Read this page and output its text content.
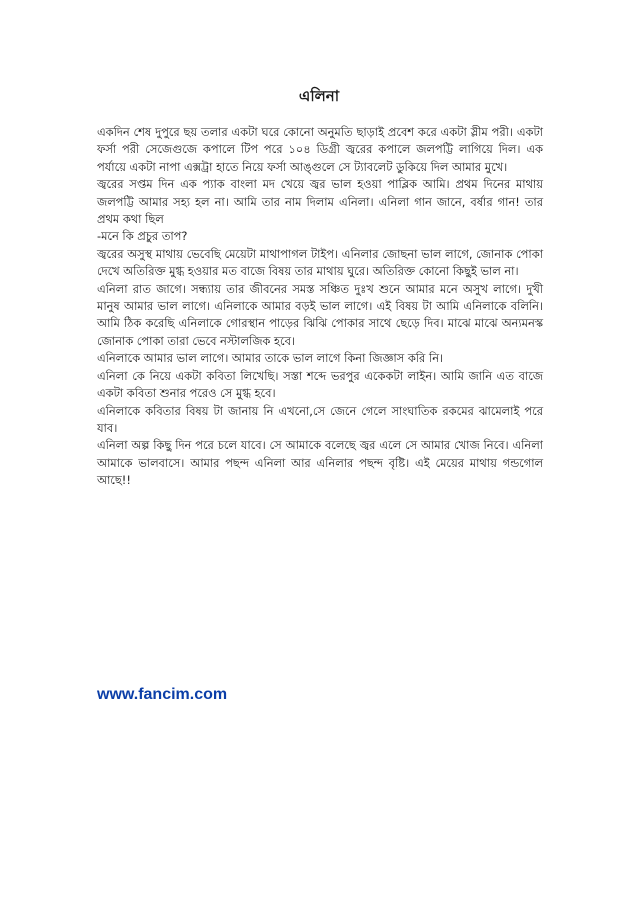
এলিনা

একদিন শেষ দুপুরে ছয় তলার একটা ঘরে কোনো অনুমতি ছাড়াই প্রবেশ করে একটা স্লীম পরী। একটা ফর্সা পরী সেজেগুজে কপালে টিপ পরে ১০৪ ডিগ্রী জ্বরের কপালে জলপট্টি লাগিয়ে দিল। এক পর্যায়ে একটা নাপা এক্সট্রা হাতে নিয়ে ফর্সা আঙ্গুলে সে ট্যাবলেট ডুকিয়ে দিল আমার মুখে।

জ্বরের সপ্তম দিন এক প্যাক বাংলা মদ খেয়ে জ্বর ভাল হওয়া পাব্লিক আমি। প্রথম দিনের মাথায় জলপট্টি আমার সহ্য হল না। আমি তার নাম দিলাম এনিলা। এনিলা গান জানে, বর্ষার গান! তার প্রথম কথা ছিল

-মনে কি প্রচুর তাপ?

জ্বরের অসুস্থ মাথায় ভেবেছি মেয়েটা মাথাপাগল টাইপ। এনিলার জোছনা ভাল লাগে, জোনাক পোকা দেখে অতিরিক্ত মুগ্ধ হওয়ার মত বাজে বিষয় তার মাথায় ঘুরে। অতিরিক্ত কোনো কিছুই ভাল না।

এনিলা রাত জাগে। সন্ধ্যায় তার জীবনের সমস্ত সঞ্চিত দুঃখ শুনে আমার মনে অসুখ লাগে। দুখী মানুষ আমার ভাল লাগে। এনিলাকে আমার বড়ই ভাল লাগে। এই বিষয় টা আমি এনিলাকে বলিনি। আমি ঠিক করেছি এনিলাকে গোরস্থান পাড়ের ঝিঝি পোকার সাথে ছেড়ে দিব। মাঝে মাঝে অন্যমনস্ক জোনাক পোকা তারা ভেবে নস্টালজিক হবে।

এনিলাকে আমার ভাল লাগে। আমার তাকে ভাল লাগে কিনা জিজ্ঞাস করি নি।

এনিলা কে নিয়ে একটা কবিতা লিখেছি। সস্তা শব্দে ভরপুর একেকটা লাইন। আমি জানি এত বাজে একটা কবিতা শুনার পরেও সে মুগ্ধ হবে।

এনিলাকে কবিতার বিষয় টা জানায় নি এখনো,সে জেনে গেলে সাংঘাতিক রকমের ঝামেলাই পরে যাব।

এনিলা অল্প কিছু দিন পরে চলে যাবে। সে আমাকে বলেছে জ্বর এলে সে আমার খোজ নিবে। এনিলা আমাকে ভালবাসে। আমার পছন্দ এনিলা আর এনিলার পছন্দ বৃষ্টি। এই মেয়ের মাথায় গন্ডগোল আছে!!

www.fancim.com
